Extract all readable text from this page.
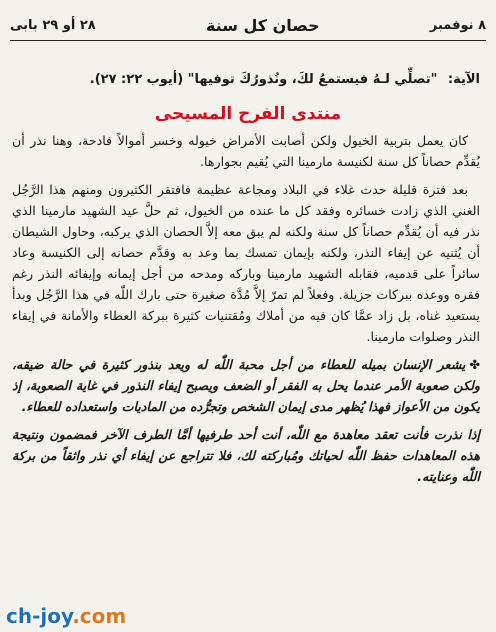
٨ نوفمبر
حصان كل سنة
٢٨ أو ٢٩ بابى
الآية: "تصلِّي لـهُ فيستمعُ لكَ، ونُذورُكَ توفيها" (أيوب ٢٢: ٢٧).
منتدى الفرح المسيحى

كان يعمل بتربية الخيول ولكن أصابت الأمراض خيوله وخسر أموالاً فادحة، وهنا نذر أن يُقدِّم حصاناً كل سنة لكنيسة مارمينا التي يُقيم بجوارها.

بعد فترة قليلة حدث غلاء في البلاد ومجاعة عظيمة فافتقر الكثيرون ومنهم هذا الرَّجُل الغني الذي زادت خسائره وفقد كل ما عنده من الخيول، ثم حلَّ عيد الشهيد مارمينا الذي نذر فيه أن يُقدِّم حصاناً كل سنة ولكنه لم يبق معه إلاَّ الحصان الذي يركبه، وحاول الشيطان أن يُثنيه عن إيفاء النذر، ولكنه بإيمان تمسك بما وعد به وقدَّم حصانه إلى الكنيسة وعاد سائراً على قدميه، فقابله الشهيد مارمينا وباركه ومدحه من أجل إيمانه وإيفائه النذر رغم فقره ووعده ببركات جزيلة. وفعلاً لم تمرّ إلاَّ مُدَّة صغيرة حتى بارك اللّٰه في هذا الرَّجُل وبدأ يستعيد غناه، بل زاد عمَّا كان فيه من أملاك ومُقتنيات كثيرة ببركة العطاء والأمانة في إيفاء النذر وصلوات مارمينا.

✤يشعر الإنسان بميله للعطاء من أجل محبة اللّٰه له ويعد بنذور كثيرة في حالة ضيقه، ولكن صعوبة الأمر عندما يحل به الفقر أو الضعف ويصبح إيفاء النذور في غاية الصعوبة، إذ يكون من الأعواز فهذا يُظهر مدى إيمان الشخص وتجرُّده من الماديات واستعداده للعطاء.

إذا نذرت فأنت تعقد معاهدة مع اللّٰه، أنت أحد طرفيها أمَّا الطرف الآخر فمضمون ونتيجة هذه المعاهدات حفظ اللّٰه لحياتك ومُباركته لك، فلا تتراجع عن إيفاء أي نذر واثقاً من بركة اللّٰه وعنايته.

ch-joy.com
